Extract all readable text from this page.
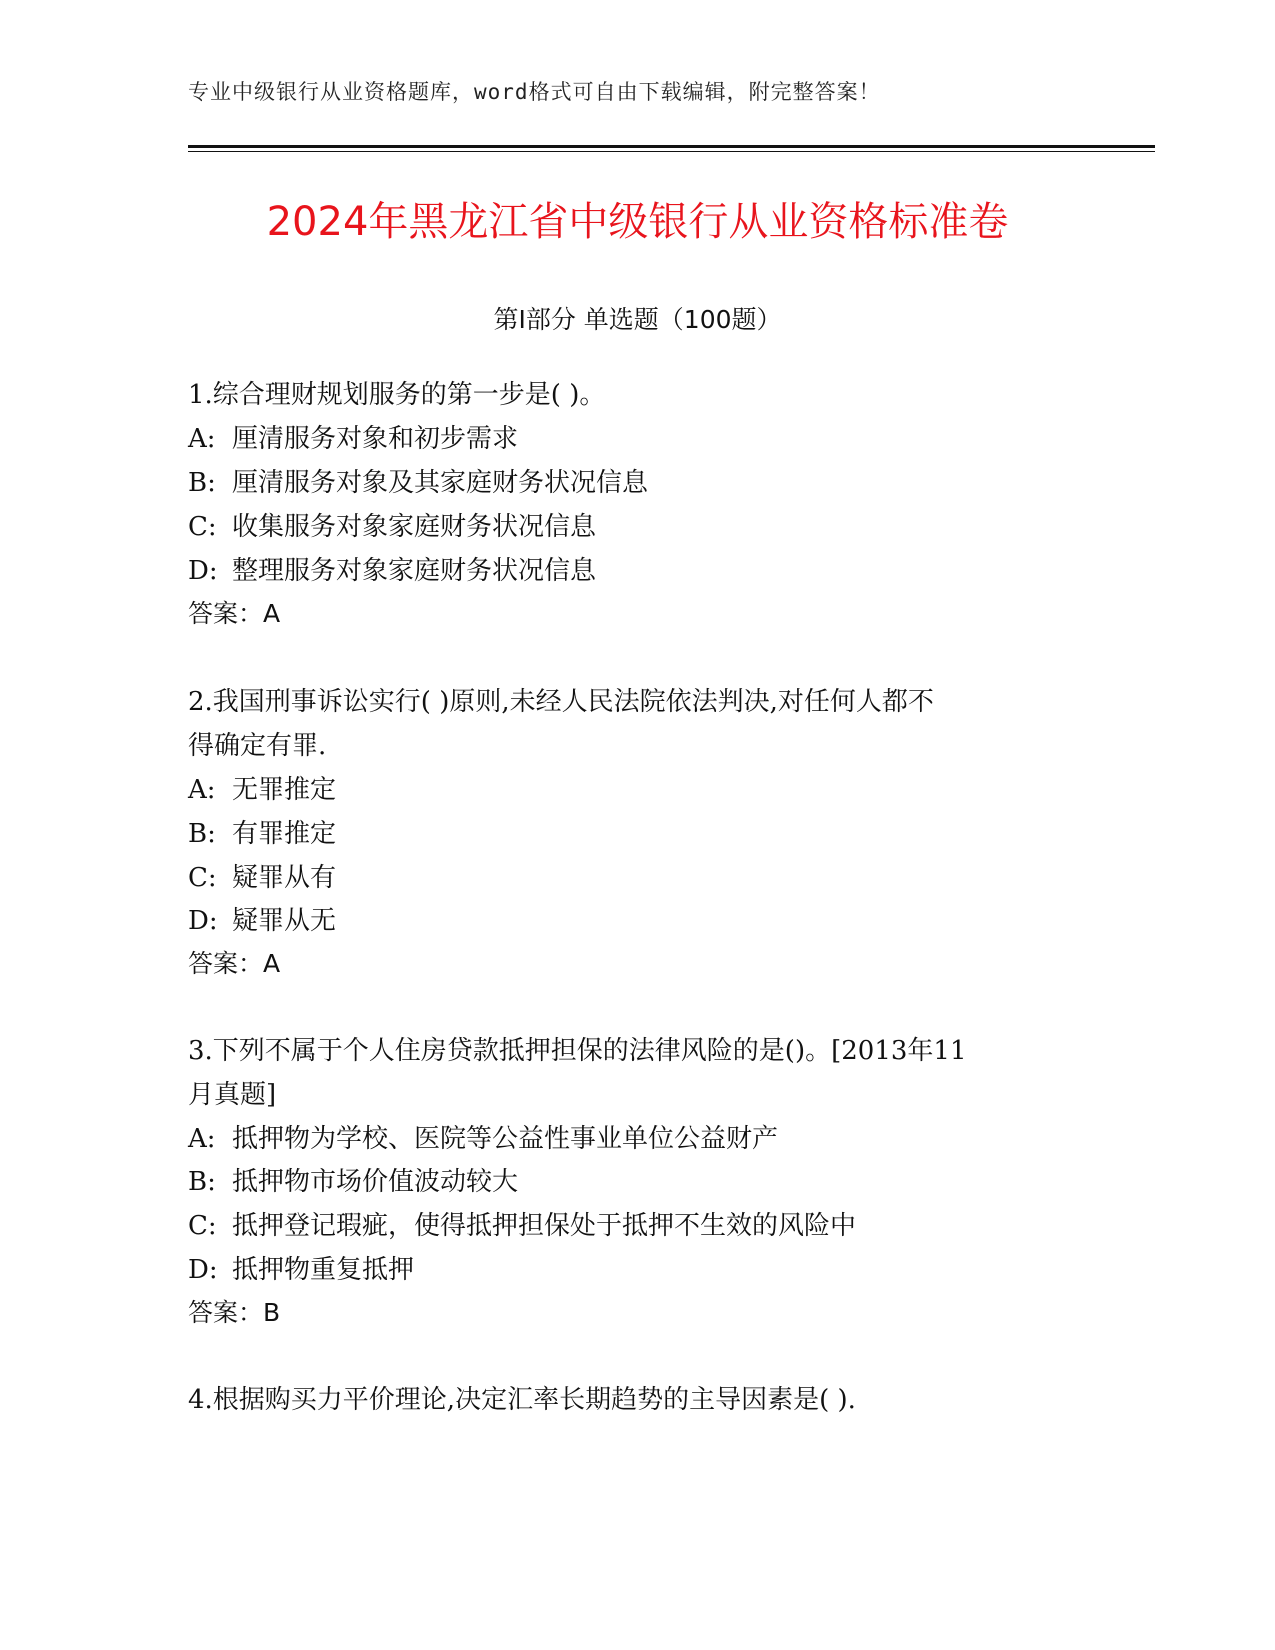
专业中级银行从业资格题库，word格式可自由下载编辑，附完整答案！
2024年黑龙江省中级银行从业资格标准卷
第Ⅰ部分 单选题（100题）
1.综合理财规划服务的第一步是( )。
A: 厘清服务对象和初步需求
B: 厘清服务对象及其家庭财务状况信息
C: 收集服务对象家庭财务状况信息
D: 整理服务对象家庭财务状况信息
答案：A
2.我国刑事诉讼实行( )原则,未经人民法院依法判决,对任何人都不
得确定有罪.
A: 无罪推定
B: 有罪推定
C: 疑罪从有
D: 疑罪从无
答案：A
3.下列不属于个人住房贷款抵押担保的法律风险的是()。[2013年11
月真题]
A: 抵押物为学校、医院等公益性事业单位公益财产
B: 抵押物市场价值波动较大
C: 抵押登记瑕疵，使得抵押担保处于抵押不生效的风险中
D: 抵押物重复抵押
答案：B
4.根据购买力平价理论,决定汇率长期趋势的主导因素是( ).
